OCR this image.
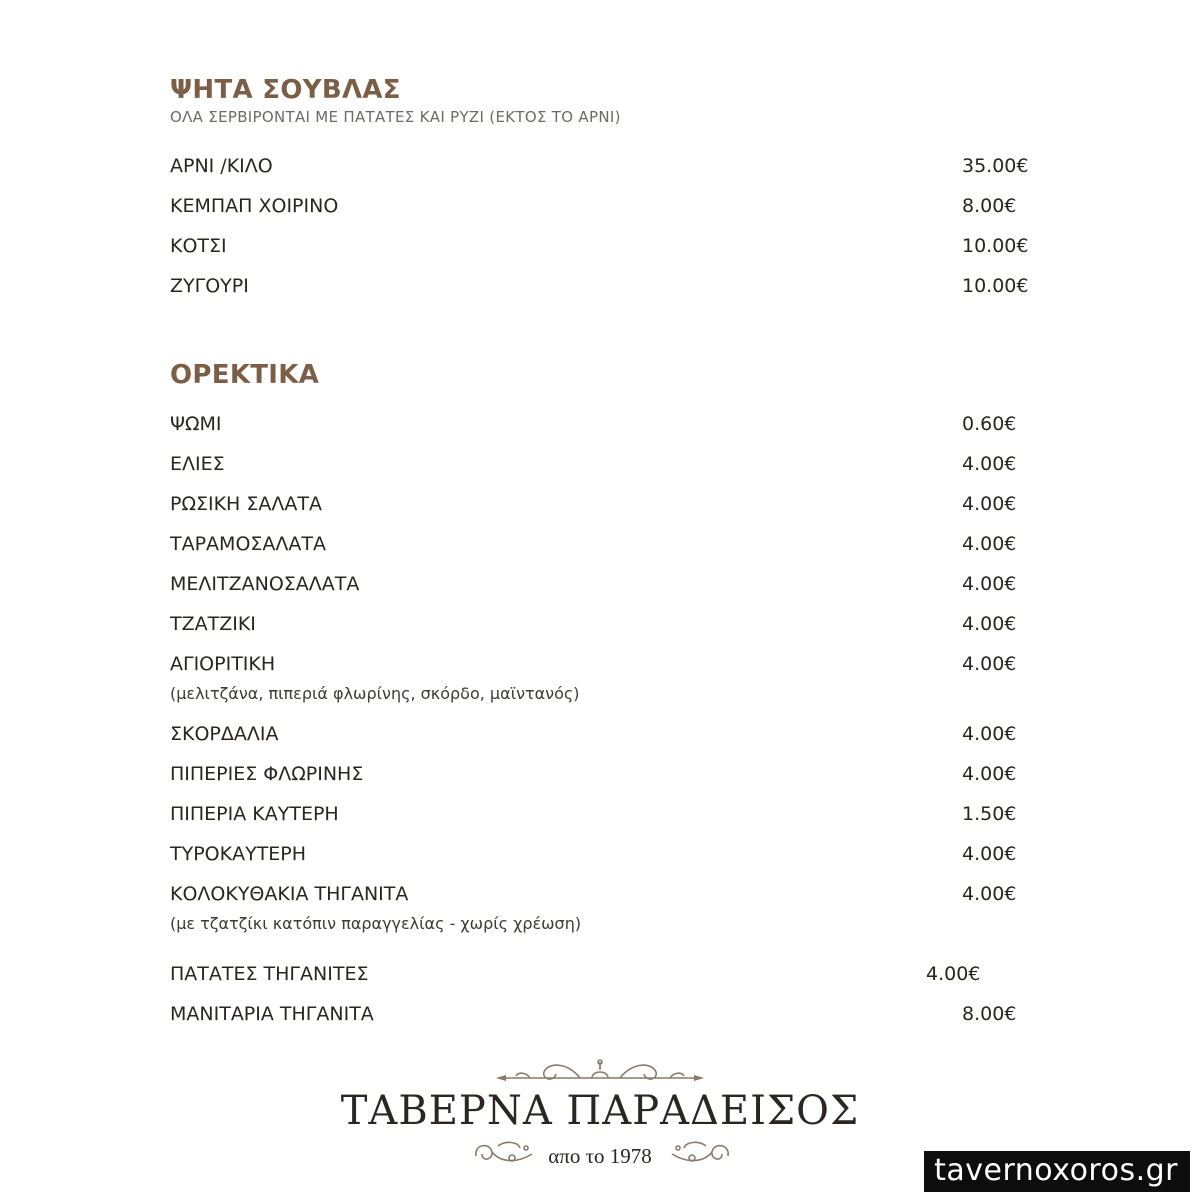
ΨΗΤΑ ΣΟΥΒΛΑΣ

ΟΛΑ ΣΕΡΒΙΡΟΝΤΑΙ ΜΕ ΠΑΤΑΤΕΣ ΚΑΙ ΡΥΖΙ (ΕΚΤΟΣ ΤΟ ΑΡΝΙ)

ΑΡΝΙ /ΚΙΛΟ	35.00€

ΚΕΜΠΑΠ ΧΟΙΡΙΝΟ	8.00€

ΚΟΤΣΙ	10.00€

ΖΥΓΟΥΡΙ	10.00€

ΟΡΕΚΤΙΚΑ

ΨΩΜΙ	0.60€

ΕΛΙΕΣ	4.00€

ΡΩΣΙΚΗ ΣΑΛΑΤΑ	4.00€

ΤΑΡΑΜΟΣΑΛΑΤΑ	4.00€

ΜΕΛΙΤΖΑΝΟΣΑΛΑΤΑ	4.00€

ΤΖΑΤΖΙΚΙ	4.00€

ΑΓΙΟΡΙΤΙΚΗ	4.00€

(μελιτζάνα, πιπεριά φλωρίνης, σκόρδο, μαϊντανός)

ΣΚΟΡΔΑΛΙΑ	4.00€

ΠΙΠΕΡΙΕΣ ΦΛΩΡΙΝΗΣ	4.00€

ΠΙΠΕΡΙΑ ΚΑΥΤΕΡΗ	1.50€

ΤΥΡΟΚΑΥΤΕΡΗ	4.00€

ΚΟΛΟΚΥΘΑΚΙΑ ΤΗΓΑΝΙΤΑ	4.00€

(με τζατζίκι κατόπιν παραγγελίας - χωρίς χρέωση)

ΠΑΤΑΤΕΣ ΤΗΓΑΝΙΤΕΣ	4.00€

ΜΑΝΙΤΑΡΙΑ ΤΗΓΑΝΙΤΑ	8.00€

ΤΑΒΕΡΝΑ ΠΑΡΑΔΕΙΣΟΣ
απο το 1978	tavernoxoros.gr
